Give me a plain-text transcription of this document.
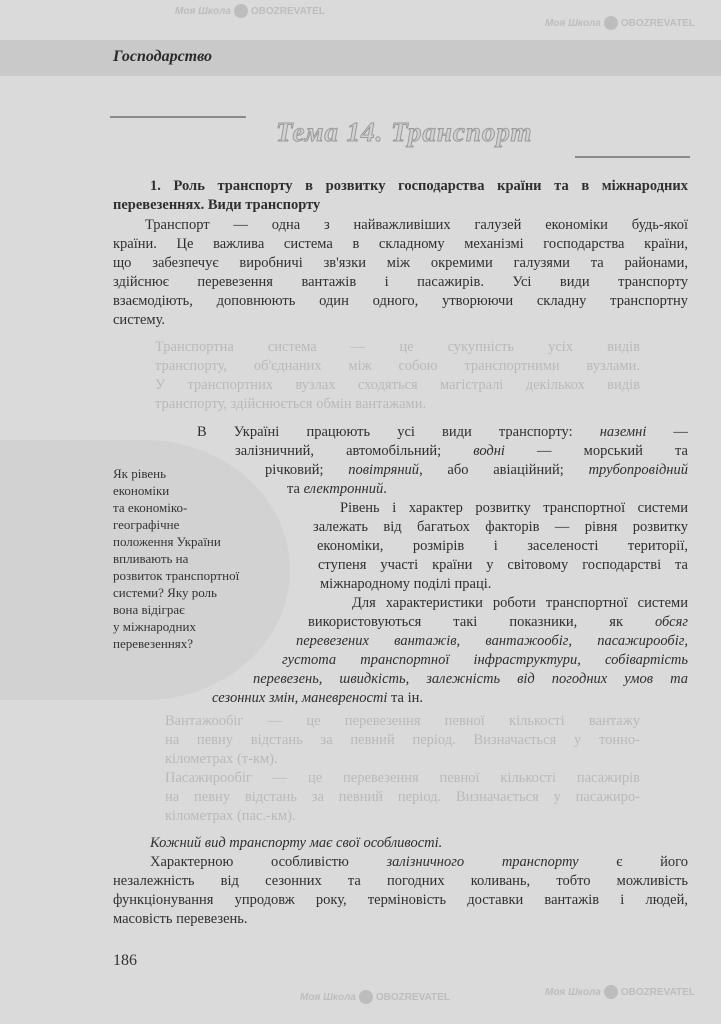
Господарство
Тема 14. Транспорт
1. Роль транспорту в розвитку господарства країни та в міжнародних
перевезеннях. Види транспорту
Транспорт — одна з найважливіших галузей економіки будь-якої
країни. Це важлива система в складному механізмі господарства країни,
що забезпечує виробничі зв'язки між окремими галузями та районами,
здійснює перевезення вантажів і пасажирів. Усі види транспорту
взаємодіють, доповнюють один одного, утворюючи складну транспортну
систему.
Транспортна система — це сукупність усіх видів
транспорту, об'єднаних між собою транспортними вузлами.
У транспортних вузлах сходяться магістралі декількох видів
транспорту, здійснюється обмін вантажами.
В Україні працюють усі види транспорту: наземні —
залізничний, автомобільний; водні — морський та
річковий; повітряний, або авіаційний; трубопровідний
та електронний.
Рівень і характер розвитку транспортної системи
залежать від багатьох факторів — рівня розвитку
економіки, розмірів і заселеності території,
ступеня участі країни у світовому господарстві та
міжнародному поділі праці.
Для характеристики роботи транспортної системи
використовуються такі показники, як обсяг
перевезених вантажів, вантажообіг, пасажирообіг,
густота транспортної інфраструктури, собівартість
перевезень, швидкість, залежність від погодних умов та
сезонних змін, маневреності та ін.
Вантажообіг — це перевезення певної кількості вантажу
на певну відстань за певний період. Визначається у тонно-
кілометрах (т-км).
Пасажирообіг — це перевезення певної кількості пасажирів
на певну відстань за певний період. Визначається у пасажиро-
кілометрах (пас.-км).
Кожний вид транспорту має свої особливості.
Характерною особливістю залізничного транспорту є його
незалежність від сезонних та погодних коливань, тобто можливість
функціонування упродовж року, терміновість доставки вантажів і людей,
масовість перевезень.
Як рівень
економіки
та економіко-
географічне
положення України
впливають на
розвиток транспортної
системи? Яку роль
вона відіграє
у міжнародних
перевезеннях?
186
Моя Школа OBOZREVATEL
Моя Школа OBOZREVATEL
Моя Школа OBOZREVATEL	Моя Школа OBOZREVATEL
